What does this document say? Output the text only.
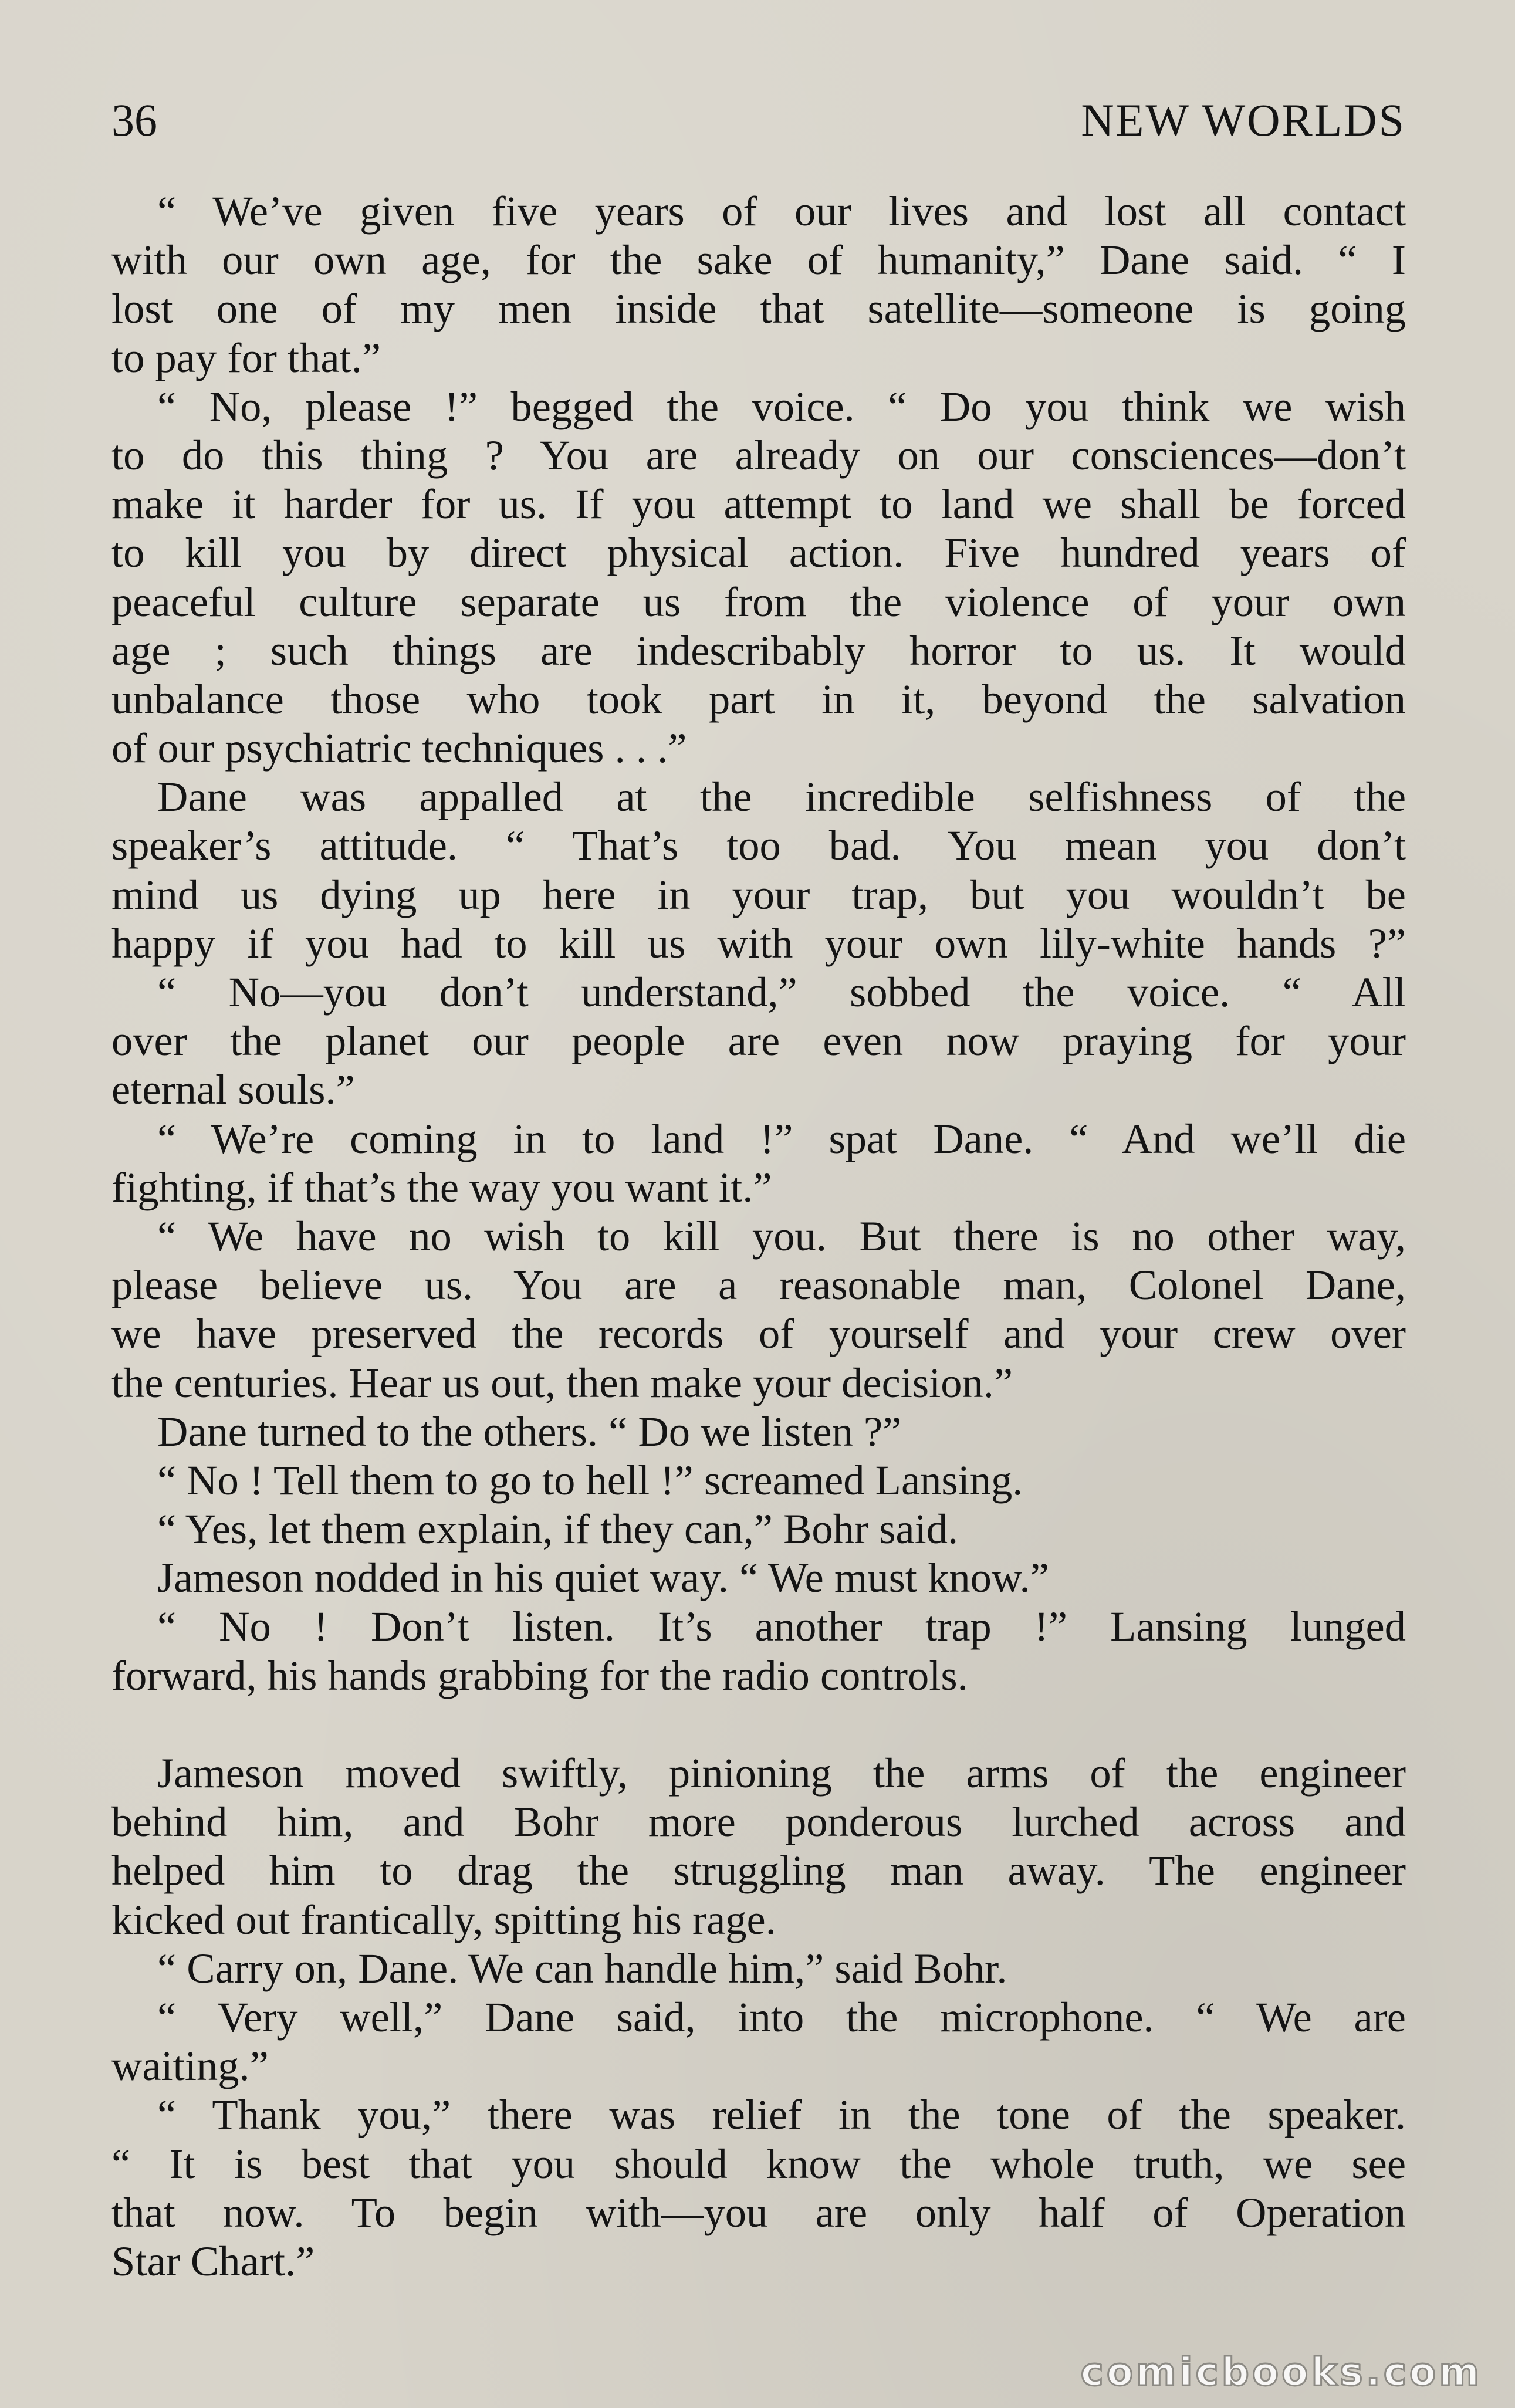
36	NEW WORLDS
“ We’ve given five years of our lives and lost all contact
with our own age, for the sake of humanity,” Dane said. “ I
lost one of my men inside that satellite—someone is going
to pay for that.”
“ No, please !” begged the voice. “ Do you think we wish
to do this thing ? You are already on our consciences—don’t
make it harder for us. If you attempt to land we shall be forced
to kill you by direct physical action. Five hundred years of
peaceful culture separate us from the violence of your own
age ; such things are indescribably horror to us. It would
unbalance those who took part in it, beyond the salvation
of our psychiatric techniques . . .”
Dane was appalled at the incredible selfishness of the
speaker’s attitude. “ That’s too bad. You mean you don’t
mind us dying up here in your trap, but you wouldn’t be
happy if you had to kill us with your own lily-white hands ?”
“ No—you don’t understand,” sobbed the voice. “ All
over the planet our people are even now praying for your
eternal souls.”
“ We’re coming in to land !” spat Dane. “ And we’ll die
fighting, if that’s the way you want it.”
“ We have no wish to kill you. But there is no other way,
please believe us. You are a reasonable man, Colonel Dane,
we have preserved the records of yourself and your crew over
the centuries. Hear us out, then make your decision.”
Dane turned to the others. “ Do we listen ?”
“ No ! Tell them to go to hell !” screamed Lansing.
“ Yes, let them explain, if they can,” Bohr said.
Jameson nodded in his quiet way. “ We must know.”
“ No ! Don’t listen. It’s another trap !” Lansing lunged
forward, his hands grabbing for the radio controls.
Jameson moved swiftly, pinioning the arms of the engineer
behind him, and Bohr more ponderous lurched across and
helped him to drag the struggling man away. The engineer
kicked out frantically, spitting his rage.
“ Carry on, Dane. We can handle him,” said Bohr.
“ Very well,” Dane said, into the microphone. “ We are
waiting.”
“ Thank you,” there was relief in the tone of the speaker.
“ It is best that you should know the whole truth, we see
that now. To begin with—you are only half of Operation
Star Chart.”
comicbooks.com
